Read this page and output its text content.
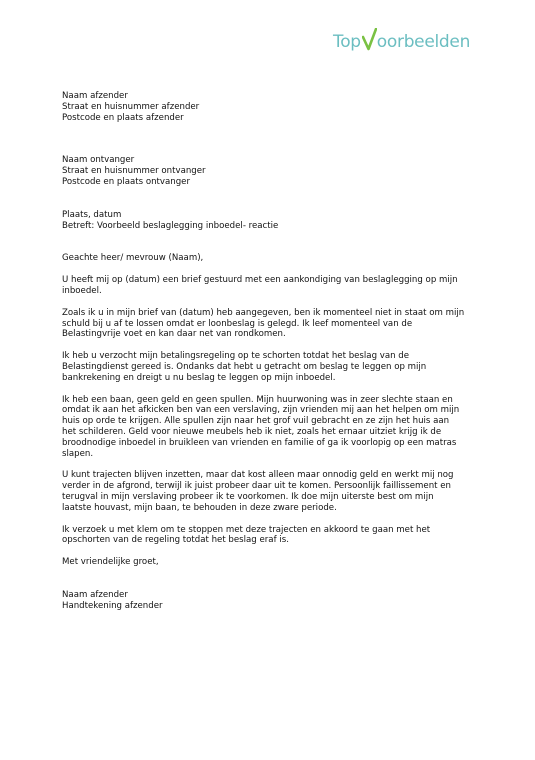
Top oorbeelden
Naam afzender
Straat en huisnummer afzender
Postcode en plaats afzender
Naam ontvanger
Straat en huisnummer ontvanger
Postcode en plaats ontvanger
Plaats, datum
Betreft: Voorbeeld beslaglegging inboedel- reactie
Geachte heer/ mevrouw (Naam),

U heeft mij op (datum) een brief gestuurd met een aankondiging van beslaglegging op mijn
inboedel.

Zoals ik u in mijn brief van (datum) heb aangegeven, ben ik momenteel niet in staat om mijn
schuld bij u af te lossen omdat er loonbeslag is gelegd. Ik leef momenteel van de
Belastingvrije voet en kan daar net van rondkomen.

Ik heb u verzocht mijn betalingsregeling op te schorten totdat het beslag van de
Belastingdienst gereed is. Ondanks dat hebt u getracht om beslag te leggen op mijn
bankrekening en dreigt u nu beslag te leggen op mijn inboedel.

Ik heb een baan, geen geld en geen spullen. Mijn huurwoning was in zeer slechte staan en
omdat ik aan het afkicken ben van een verslaving, zijn vrienden mij aan het helpen om mijn
huis op orde te krijgen. Alle spullen zijn naar het grof vuil gebracht en ze zijn het huis aan
het schilderen. Geld voor nieuwe meubels heb ik niet, zoals het ernaar uitziet krijg ik de
broodnodige inboedel in bruikleen van vrienden en familie of ga ik voorlopig op een matras
slapen.

U kunt trajecten blijven inzetten, maar dat kost alleen maar onnodig geld en werkt mij nog
verder in de afgrond, terwijl ik juist probeer daar uit te komen. Persoonlijk faillissement en
terugval in mijn verslaving probeer ik te voorkomen. Ik doe mijn uiterste best om mijn
laatste houvast, mijn baan, te behouden in deze zware periode.

Ik verzoek u met klem om te stoppen met deze trajecten en akkoord te gaan met het
opschorten van de regeling totdat het beslag eraf is.

Met vriendelijke groet,
Naam afzender
Handtekening afzender
